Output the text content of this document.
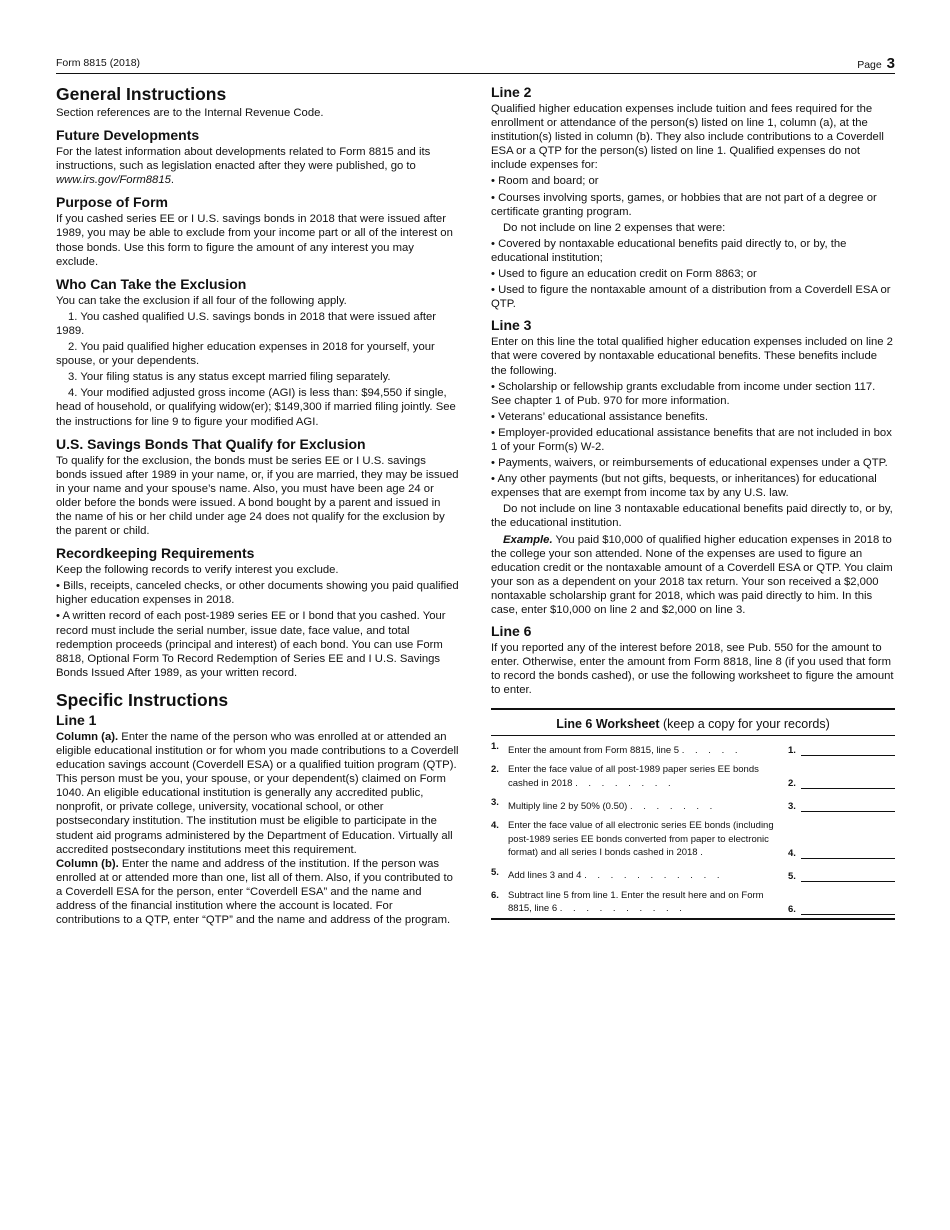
Form 8815 (2018)	Page 3
General Instructions

Section references are to the Internal Revenue Code.

Future Developments

For the latest information about developments related to Form 8815 and its instructions, such as legislation enacted after they were published, go to www.irs.gov/Form8815.

Purpose of Form

If you cashed series EE or I U.S. savings bonds in 2018 that were issued after 1989, you may be able to exclude from your income part or all of the interest on those bonds. Use this form to figure the amount of any interest you may exclude.

Who Can Take the Exclusion

You can take the exclusion if all four of the following apply.

1. You cashed qualified U.S. savings bonds in 2018 that were issued after 1989.

2. You paid qualified higher education expenses in 2018 for yourself, your spouse, or your dependents.

3. Your filing status is any status except married filing separately.

4. Your modified adjusted gross income (AGI) is less than: $94,550 if single, head of household, or qualifying widow(er); $149,300 if married filing jointly. See the instructions for line 9 to figure your modified AGI.

U.S. Savings Bonds That Qualify for Exclusion

To qualify for the exclusion, the bonds must be series EE or I U.S. savings bonds issued after 1989 in your name, or, if you are married, they may be issued in your name and your spouse’s name. Also, you must have been age 24 or older before the bonds were issued. A bond bought by a parent and issued in the name of his or her child under age 24 does not qualify for the exclusion by the parent or child.

Recordkeeping Requirements

Keep the following records to verify interest you exclude.

• Bills, receipts, canceled checks, or other documents showing you paid qualified higher education expenses in 2018.

• A written record of each post-1989 series EE or I bond that you cashed. Your record must include the serial number, issue date, face value, and total redemption proceeds (principal and interest) of each bond. You can use Form 8818, Optional Form To Record Redemption of Series EE and I U.S. Savings Bonds Issued After 1989, as your written record.

Specific Instructions
Line 1

Column (a). Enter the name of the person who was enrolled at or attended an eligible educational institution or for whom you made contributions to a Coverdell education savings account (Coverdell ESA) or a qualified tuition program (QTP). This person must be you, your spouse, or your dependent(s) claimed on Form 1040. An eligible educational institution is generally any accredited public, nonprofit, or private college, university, vocational school, or other postsecondary institution. The institution must be eligible to participate in the student aid programs administered by the Department of Education. Virtually all accredited postsecondary institutions meet this requirement.

Column (b). Enter the name and address of the institution. If the person was enrolled at or attended more than one, list all of them. Also, if you contributed to a Coverdell ESA for the person, enter “Coverdell ESA” and the name and address of the financial institution where the account is located. For contributions to a QTP, enter “QTP” and the name and address of the program.

Line 2

Qualified higher education expenses include tuition and fees required for the enrollment or attendance of the person(s) listed on line 1, column (a), at the institution(s) listed in column (b). They also include contributions to a Coverdell ESA or a QTP for the person(s) listed on line 1. Qualified expenses do not include expenses for:

• Room and board; or

• Courses involving sports, games, or hobbies that are not part of a degree or certificate granting program.

Do not include on line 2 expenses that were:

• Covered by nontaxable educational benefits paid directly to, or by, the educational institution;

• Used to figure an education credit on Form 8863; or

• Used to figure the nontaxable amount of a distribution from a Coverdell ESA or QTP.

Line 3

Enter on this line the total qualified higher education expenses included on line 2 that were covered by nontaxable educational benefits. These benefits include the following.

• Scholarship or fellowship grants excludable from income under section 117. See chapter 1 of Pub. 970 for more information.

• Veterans’ educational assistance benefits.

• Employer-provided educational assistance benefits that are not included in box 1 of your Form(s) W-2.

• Payments, waivers, or reimbursements of educational expenses under a QTP.

• Any other payments (but not gifts, bequests, or inheritances) for educational expenses that are exempt from income tax by any U.S. law.

Do not include on line 3 nontaxable educational benefits paid directly to, or by, the educational institution.

Example. You paid $10,000 of qualified higher education expenses in 2018 to the college your son attended. None of the expenses are used to figure an education credit or the nontaxable amount of a Coverdell ESA or QTP. You claim your son as a dependent on your 2018 tax return. Your son received a $2,000 nontaxable scholarship grant for 2018, which was paid directly to him. In this case, enter $10,000 on line 2 and $2,000 on line 3.

Line 6

If you reported any of the interest before 2018, see Pub. 550 for the amount to enter. Otherwise, enter the amount from Form 8818, line 8 (if you used that form to record the bonds cashed), or use the following worksheet to figure the amount to enter.

Line 6 Worksheet (keep a copy for your records)
1. Enter the amount from Form 8815, line 5 . . . . .	1.
2. Enter the face value of all post-1989 paper series EE bonds cashed in 2018 . . . . . . . .	2.
3. Multiply line 2 by 50% (0.50) . . . . . . .	3.
4. Enter the face value of all electronic series EE bonds (including post-1989 series EE bonds converted from paper to electronic format) and all series I bonds cashed in 2018 .	4.
5. Add lines 3 and 4 . . . . . . . . . . .	5.
6. Subtract line 5 from line 1. Enter the result here and on Form 8815, line 6 . . . . . . . . . .	6.
